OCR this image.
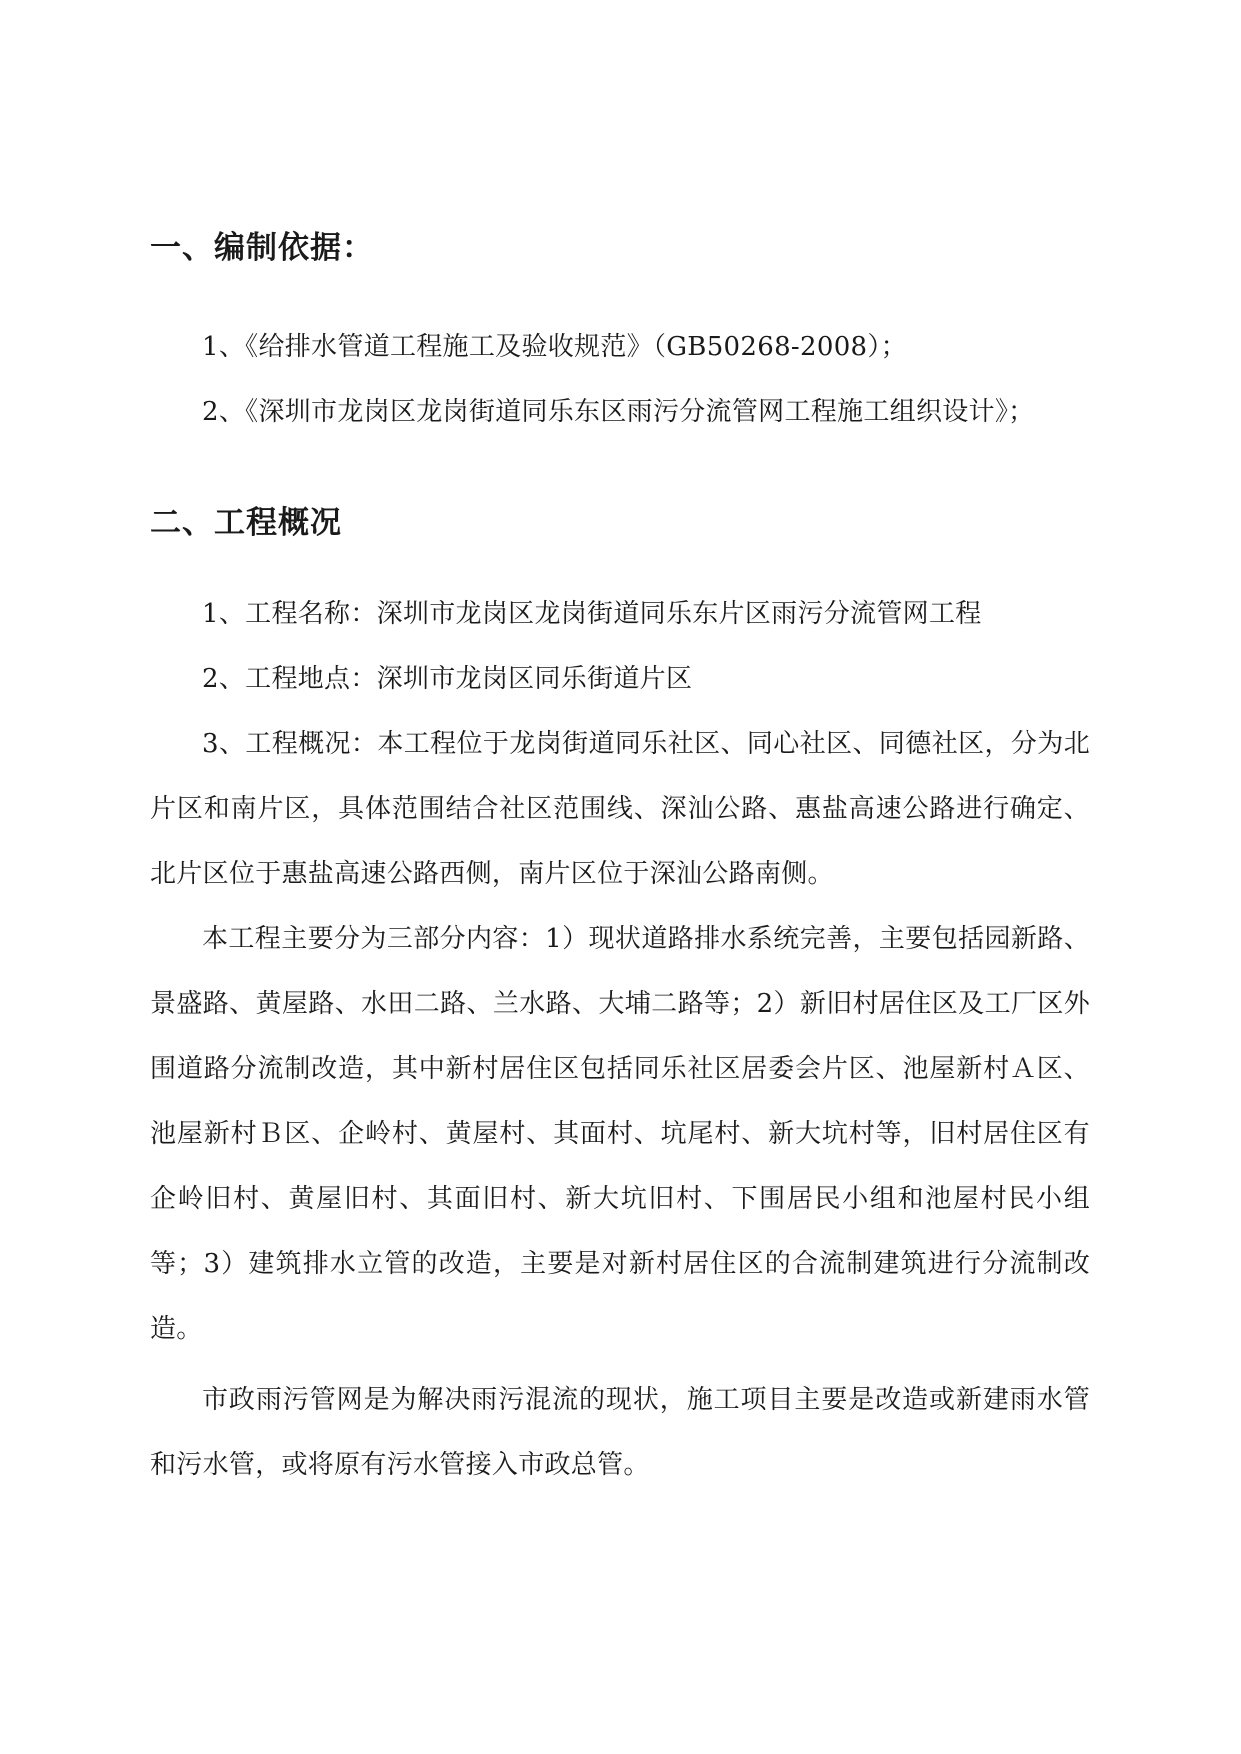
一、编制依据：

1、《给排水管道工程施工及验收规范》（GB50268-2008）；

2、《深圳市龙岗区龙岗街道同乐东区雨污分流管网工程施工组织设计》；

二、工程概况

1、工程名称：深圳市龙岗区龙岗街道同乐东片区雨污分流管网工程

2、工程地点：深圳市龙岗区同乐街道片区

3、工程概况：本工程位于龙岗街道同乐社区、同心社区、同德社区，分为北片区和南片区，具体范围结合社区范围线、深汕公路、惠盐高速公路进行确定、北片区位于惠盐高速公路西侧，南片区位于深汕公路南侧。

本工程主要分为三部分内容：1）现状道路排水系统完善，主要包括园新路、景盛路、黄屋路、水田二路、兰水路、大埔二路等；2）新旧村居住区及工厂区外围道路分流制改造，其中新村居住区包括同乐社区居委会片区、池屋新村Ａ区、池屋新村Ｂ区、企岭村、黄屋村、其面村、坑尾村、新大坑村等，旧村居住区有企岭旧村、黄屋旧村、其面旧村、新大坑旧村、下围居民小组和池屋村民小组等；3）建筑排水立管的改造，主要是对新村居住区的合流制建筑进行分流制改造。

市政雨污管网是为解决雨污混流的现状，施工项目主要是改造或新建雨水管和污水管，或将原有污水管接入市政总管。
